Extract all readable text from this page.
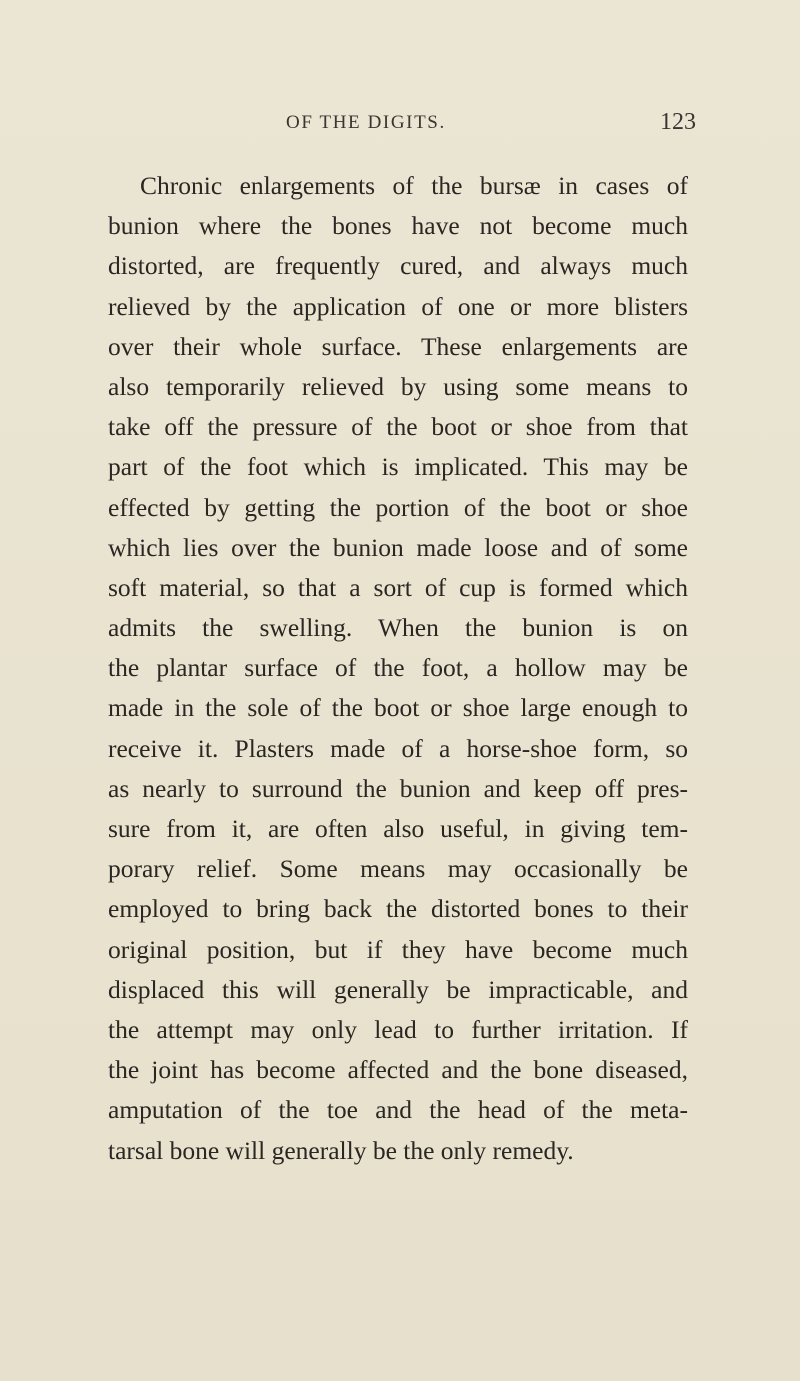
OF THE DIGITS.	123
Chronic enlargements of the bursæ in cases of
bunion where the bones have not become much
distorted, are frequently cured, and always much
relieved by the application of one or more blisters
over their whole surface. These enlargements are
also temporarily relieved by using some means to
take off the pressure of the boot or shoe from that
part of the foot which is implicated. This may be
effected by getting the portion of the boot or shoe
which lies over the bunion made loose and of some
soft material, so that a sort of cup is formed which
admits the swelling. When the bunion is on
the plantar surface of the foot, a hollow may be
made in the sole of the boot or shoe large enough to
receive it. Plasters made of a horse-shoe form, so
as nearly to surround the bunion and keep off pres-
sure from it, are often also useful, in giving tem-
porary relief. Some means may occasionally be
employed to bring back the distorted bones to their
original position, but if they have become much
displaced this will generally be impracticable, and
the attempt may only lead to further irritation. If
the joint has become affected and the bone diseased,
amputation of the toe and the head of the meta-
tarsal bone will generally be the only remedy.
